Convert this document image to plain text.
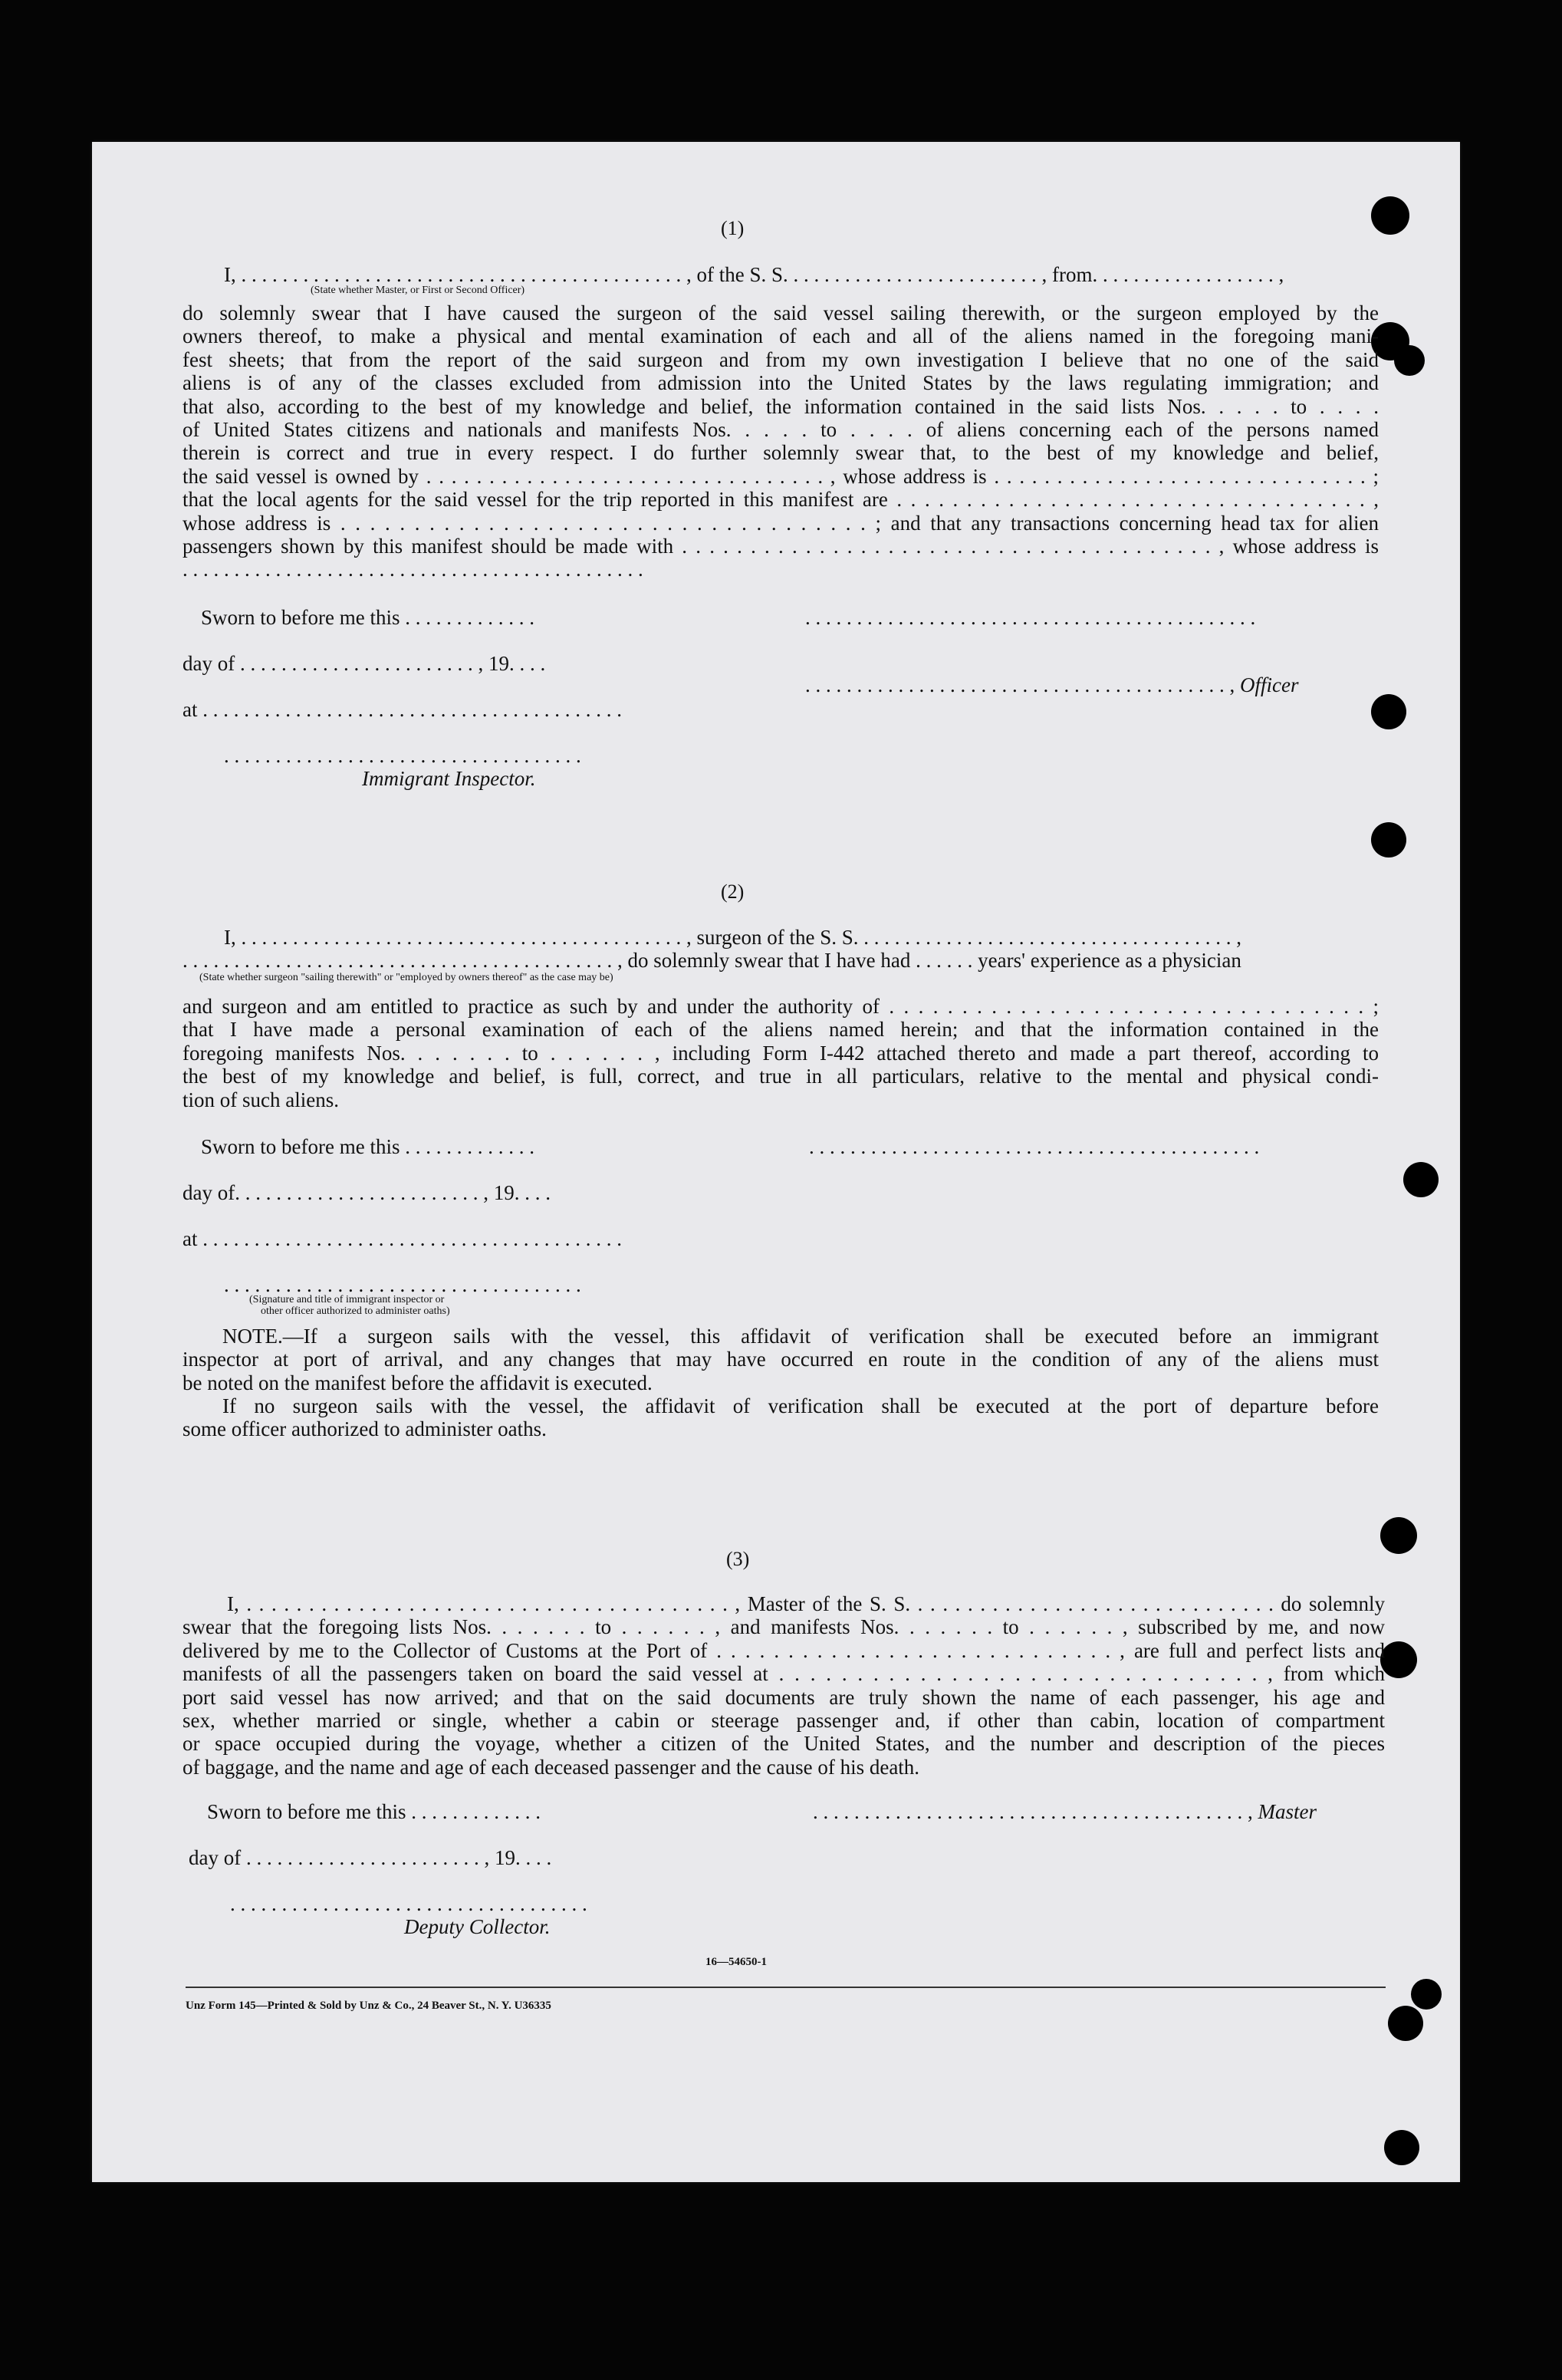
(1)
I, . . . . . . . . . . . . . . . . . . . . . . . . . . . . . . . . . . . . . . . . . . . , of the S. S. . . . . . . . . . . . . . . . . . . . . . . . . , from. . . . . . . . . . . . . . . . . . ,
(State whether Master, or First or Second Officer)
do solemnly swear that I have caused the surgeon of the said vessel sailing therewith, or the surgeon employed by the
owners thereof, to make a physical and mental examination of each and all of the aliens named in the foregoing mani-
fest sheets; that from the report of the said surgeon and from my own investigation I believe that no one of the said
aliens is of any of the classes excluded from admission into the United States by the laws regulating immigration; and
that also, according to the best of my knowledge and belief, the information contained in the said lists Nos. . . . . to . . . .
of United States citizens and nationals and manifests Nos. . . . . to . . . . of aliens concerning each of the persons named
therein is correct and true in every respect. I do further solemnly swear that, to the best of my knowledge and belief,
the said vessel is owned by . . . . . . . . . . . . . . . . . . . . . . . . . . . . . . . . , whose address is . . . . . . . . . . . . . . . . . . . . . . . . . . . . . . ;
that the local agents for the said vessel for the trip reported in this manifest are . . . . . . . . . . . . . . . . . . . . . . . . . . . . . . . . . . ,
whose address is . . . . . . . . . . . . . . . . . . . . . . . . . . . . . . . . . . . . ; and that any transactions concerning head tax for alien
passengers shown by this manifest should be made with . . . . . . . . . . . . . . . . . . . . . . . . . . . . . . . . . . . . . . . , whose address is
. . . . . . . . . . . . . . . . . . . . . . . . . . . . . . . . . . . . . . . . . . . . .
Sworn to before me this . . . . . . . . . . . . .	. . . . . . . . . . . . . . . . . . . . . . . . . . . . . . . . . . . . . . . . . . . .
day of . . . . . . . . . . . . . . . . . . . . . . . , 19. . . .
. . . . . . . . . . . . . . . . . . . . . . . . . . . . . . . . . . . . . . . . . , Officer
at . . . . . . . . . . . . . . . . . . . . . . . . . . . . . . . . . . . . . . . . .
. . . . . . . . . . . . . . . . . . . . . . . . . . . . . . . . . . .
Immigrant Inspector.
(2)
I, . . . . . . . . . . . . . . . . . . . . . . . . . . . . . . . . . . . . . . . . . . . , surgeon of the S. S. . . . . . . . . . . . . . . . . . . . . . . . . . . . . . . . . . . . . ,
. . . . . . . . . . . . . . . . . . . . . . . . . . . . . . . . . . . . . . . . . . , do solemnly swear that I have had . . . . . . years' experience as a physician
(State whether surgeon "sailing therewith" or "employed by owners thereof" as the case may be)
and surgeon and am entitled to practice as such by and under the authority of . . . . . . . . . . . . . . . . . . . . . . . . . . . . . . . . . ;
that I have made a personal examination of each of the aliens named herein; and that the information contained in the
foregoing manifests Nos. . . . . . . to . . . . . . , including Form I-442 attached thereto and made a part thereof, according to
the best of my knowledge and belief, is full, correct, and true in all particulars, relative to the mental and physical condi-
tion of such aliens.
Sworn to before me this . . . . . . . . . . . . .	. . . . . . . . . . . . . . . . . . . . . . . . . . . . . . . . . . . . . . . . . . . .
day of. . . . . . . . . . . . . . . . . . . . . . . . , 19. . . .
at . . . . . . . . . . . . . . . . . . . . . . . . . . . . . . . . . . . . . . . . .
. . . . . . . . . . . . . . . . . . . . . . . . . . . . . . . . . . .
(Signature and title of immigrant inspector or
other officer authorized to administer oaths)
NOTE.—If a surgeon sails with the vessel, this affidavit of verification shall be executed before an immigrant
inspector at port of arrival, and any changes that may have occurred en route in the condition of any of the aliens must
be noted on the manifest before the affidavit is executed.
If no surgeon sails with the vessel, the affidavit of verification shall be executed at the port of departure before
some officer authorized to administer oaths.
(3)
I, . . . . . . . . . . . . . . . . . . . . . . . . . . . . . . . . . . . . . . . , Master of the S. S. . . . . . . . . . . . . . . . . . . . . . . . . . . . . . do solemnly
swear that the foregoing lists Nos. . . . . . . to . . . . . . , and manifests Nos. . . . . . . to . . . . . . , subscribed by me, and now
delivered by me to the Collector of Customs at the Port of . . . . . . . . . . . . . . . . . . . . . . . . . . . . , are full and perfect lists and
manifests of all the passengers taken on board the said vessel at . . . . . . . . . . . . . . . . . . . . . . . . . . . . . . . , from which
port said vessel has now arrived; and that on the said documents are truly shown the name of each passenger, his age and
sex, whether married or single, whether a cabin or steerage passenger and, if other than cabin, location of compartment
or space occupied during the voyage, whether a citizen of the United States, and the number and description of the pieces
of baggage, and the name and age of each deceased passenger and the cause of his death.
Sworn to before me this . . . . . . . . . . . . .	. . . . . . . . . . . . . . . . . . . . . . . . . . . . . . . . . . . . . . . . . . , Master
day of . . . . . . . . . . . . . . . . . . . . . . . , 19. . . .
. . . . . . . . . . . . . . . . . . . . . . . . . . . . . . . . . . .
Deputy Collector.
16—54650-1
Unz Form 145—Printed & Sold by Unz & Co., 24 Beaver St., N. Y. U36335
